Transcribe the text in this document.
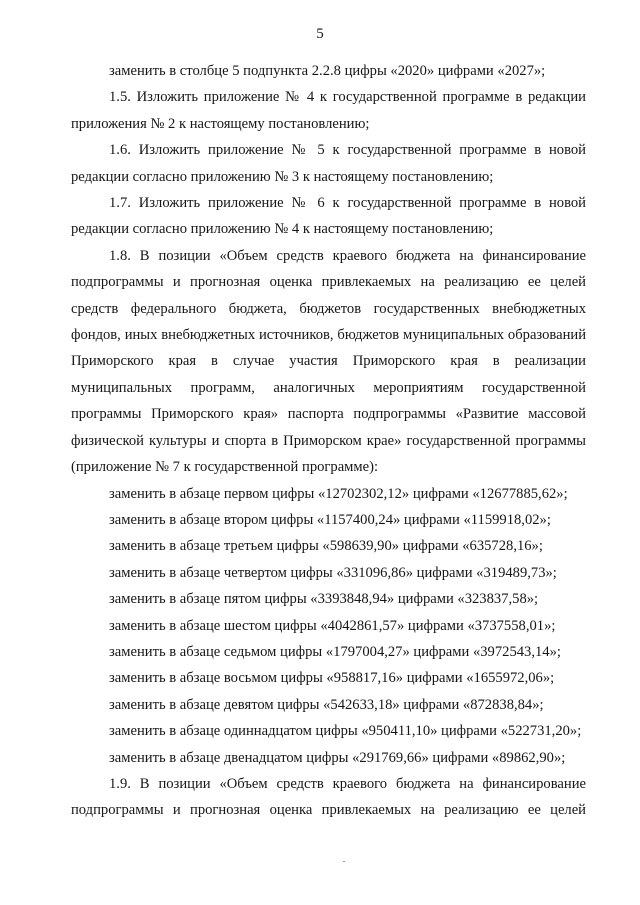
5

заменить в столбце 5 подпункта 2.2.8 цифры «2020» цифрами «2027»;

1.5. Изложить приложение № 4 к государственной программе в редакции приложения № 2 к настоящему постановлению;

1.6. Изложить приложение № 5 к государственной программе в новой редакции согласно приложению № 3 к настоящему постановлению;

1.7. Изложить приложение № 6 к государственной программе в новой редакции согласно приложению № 4 к настоящему постановлению;

1.8. В позиции «Объем средств краевого бюджета на финансирование подпрограммы и прогнозная оценка привлекаемых на реализацию ее целей средств федерального бюджета, бюджетов государственных внебюджетных фондов, иных внебюджетных источников, бюджетов муниципальных образований Приморского края в случае участия Приморского края в реализации муниципальных программ, аналогичных мероприятиям государственной программы Приморского края» паспорта подпрограммы «Развитие массовой физической культуры и спорта в Приморском крае» государственной программы (приложение № 7 к государственной программе):

заменить в абзаце первом цифры «12702302,12» цифрами «12677885,62»;

заменить в абзаце втором цифры «1157400,24» цифрами «1159918,02»;

заменить в абзаце третьем цифры «598639,90» цифрами «635728,16»;

заменить в абзаце четвертом цифры «331096,86» цифрами «319489,73»;

заменить в абзаце пятом цифры «3393848,94» цифрами «323837,58»;

заменить в абзаце шестом цифры «4042861,57» цифрами «3737558,01»;

заменить в абзаце седьмом цифры «1797004,27» цифрами «3972543,14»;

заменить в абзаце восьмом цифры «958817,16» цифрами «1655972,06»;

заменить в абзаце девятом цифры «542633,18» цифрами «872838,84»;

заменить в абзаце одиннадцатом цифры «950411,10» цифрами «522731,20»;

заменить в абзаце двенадцатом цифры «291769,66» цифрами «89862,90»;

1.9. В позиции «Объем средств краевого бюджета на финансирование подпрограммы и прогнозная оценка привлекаемых на реализацию ее целей
